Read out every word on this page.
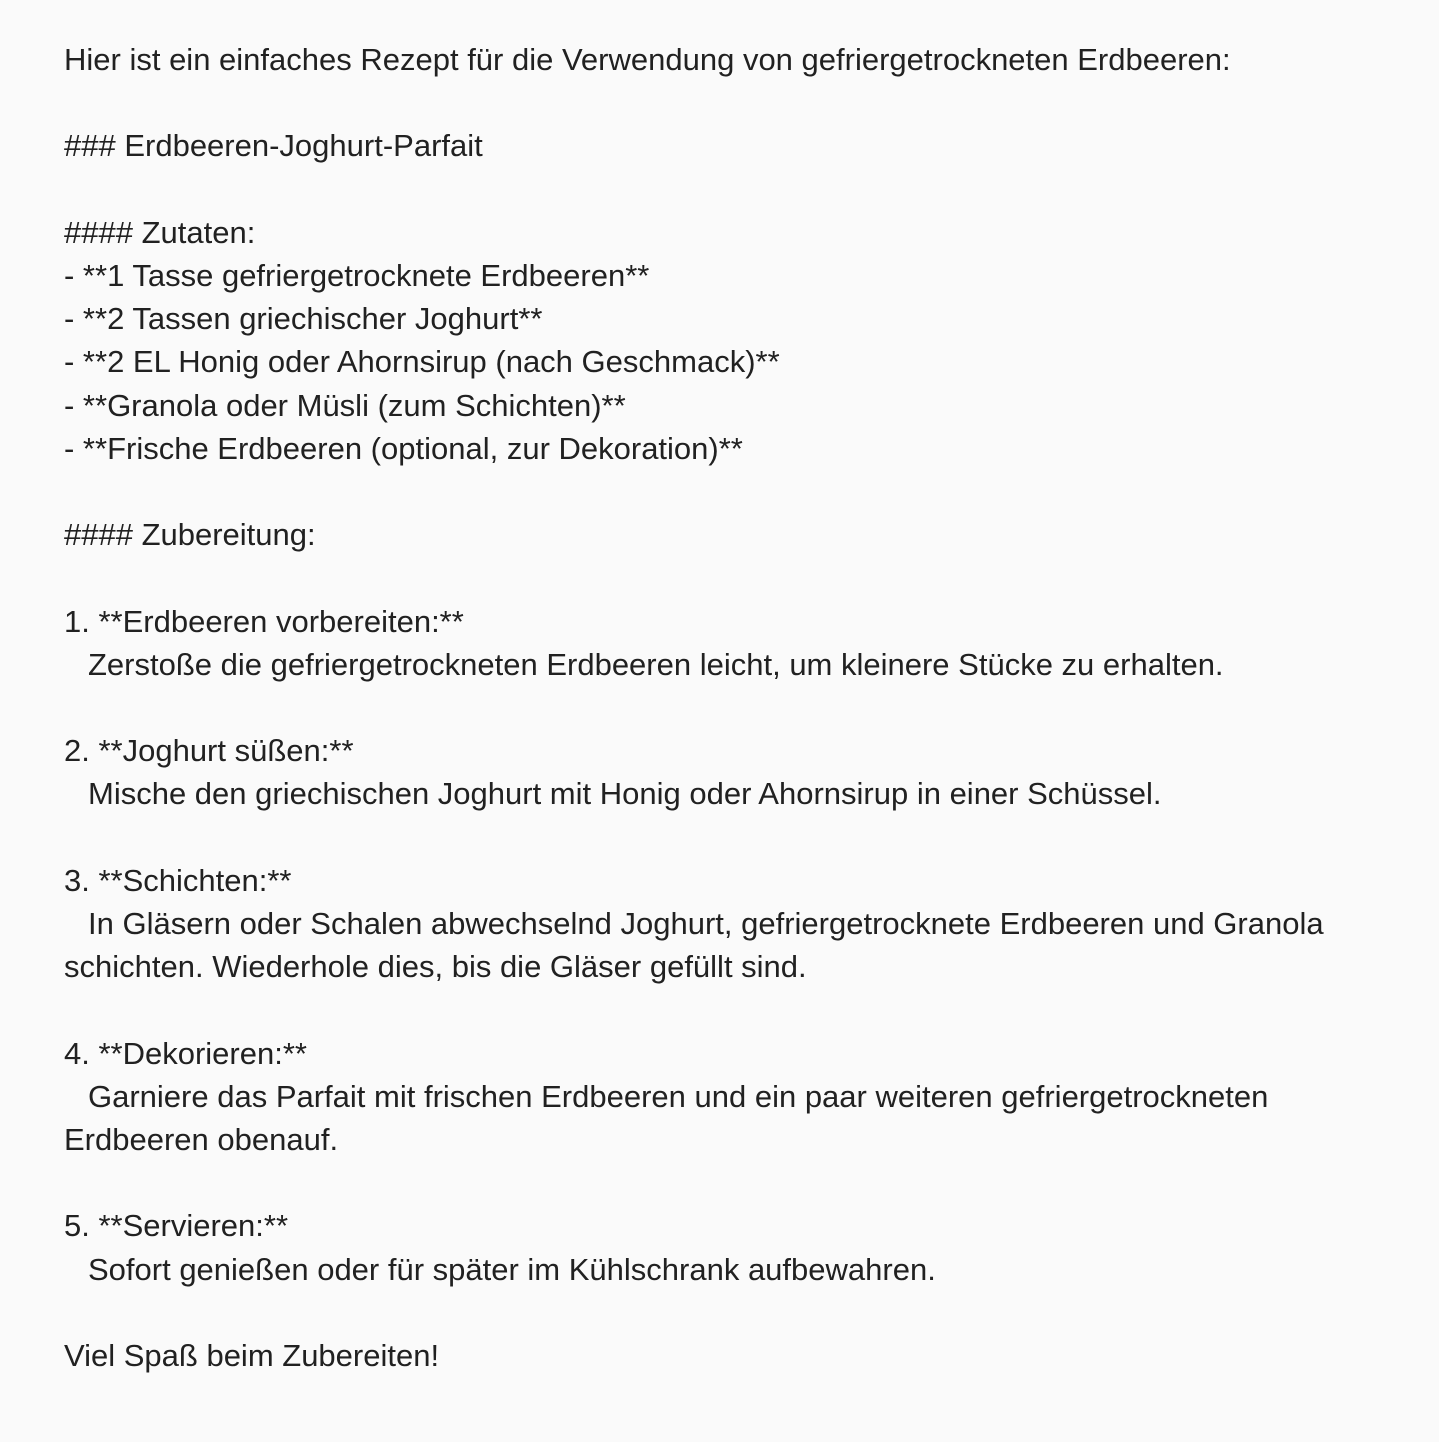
Hier ist ein einfaches Rezept für die Verwendung von gefriergetrockneten Erdbeeren:
### Erdbeeren-Joghurt-Parfait
#### Zutaten:
- **1 Tasse gefriergetrocknete Erdbeeren**
- **2 Tassen griechischer Joghurt**
- **2 EL Honig oder Ahornsirup (nach Geschmack)**
- **Granola oder Müsli (zum Schichten)**
- **Frische Erdbeeren (optional, zur Dekoration)**
#### Zubereitung:
1. **Erdbeeren vorbereiten:**
Zerstoße die gefriergetrockneten Erdbeeren leicht, um kleinere Stücke zu erhalten.
2. **Joghurt süßen:**
Mische den griechischen Joghurt mit Honig oder Ahornsirup in einer Schüssel.
3. **Schichten:**
In Gläsern oder Schalen abwechselnd Joghurt, gefriergetrocknete Erdbeeren und Granola
schichten. Wiederhole dies, bis die Gläser gefüllt sind.
4. **Dekorieren:**
Garniere das Parfait mit frischen Erdbeeren und ein paar weiteren gefriergetrockneten
Erdbeeren obenauf.
5. **Servieren:**
Sofort genießen oder für später im Kühlschrank aufbewahren.
Viel Spaß beim Zubereiten!
